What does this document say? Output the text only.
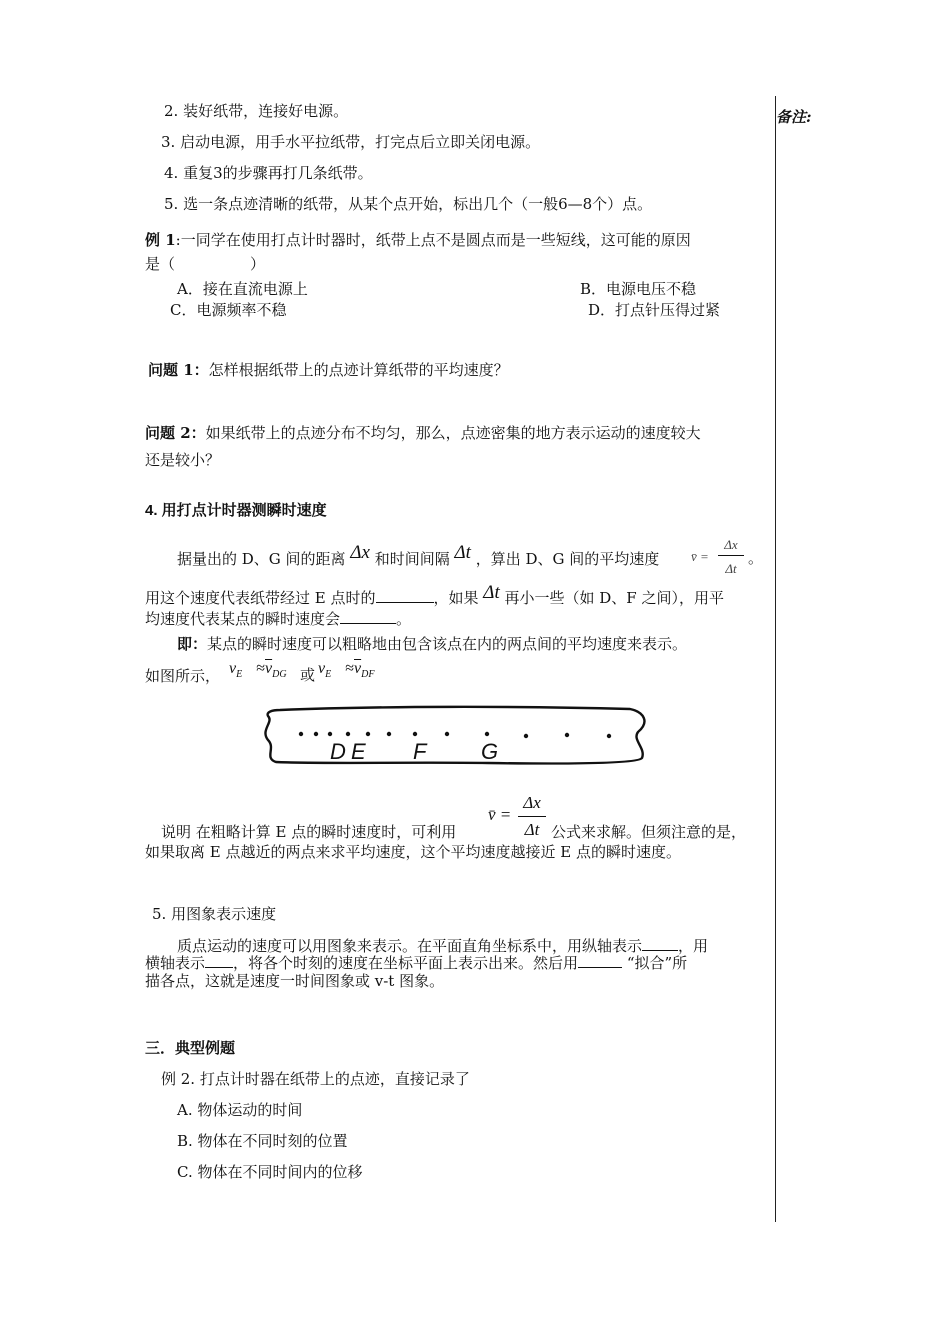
备注:
2. 装好纸带，连接好电源。
3. 启动电源，用手水平拉纸带，打完点后立即关闭电源。
4. 重复3的步骤再打几条纸带。
5. 选一条点迹清晰的纸带，从某个点开始，标出几个（一般6—8个）点。
例 1:一同学在使用打点计时器时，纸带上点不是圆点而是一些短线，这可能的原因
是（　　　　　）
A．接在直流电源上	B．电源电压不稳
C．电源频率不稳	D．打点针压得过紧
问题 1：怎样根据纸带上的点迹计算纸带的平均速度？
问题 2：如果纸带上的点迹分布不均匀，那么，点迹密集的地方表示运动的速度较大
还是较小？
4. 用打点计时器测瞬时速度
据量出的 D、G 间的距离 Δx 和时间间隔 Δt ，算出 D、G 间的平均速度 v̄ =
Δx
Δt
。
用这个速度代表纸带经过 E 点时的	，如果 Δt 再小一些（如 D、F 之间），用平
均速度代表某点的瞬时速度会	。
即：某点的瞬时速度可以粗略地由包含该点在内的两点间的平均速度来表示。
如图所示， $v_E \approx\overline{v}_{DG}$ 或 $v_E \approx\overline{v}_{DF}$
D E F G
v̄ =
Δx
Δt
说明 在粗略计算 E 点的瞬时速度时，可利用	公式来求解。但须注意的是，
如果取离 E 点越近的两点来求平均速度，这个平均速度越接近 E 点的瞬时速度。
5. 用图象表示速度
质点运动的速度可以用图象来表示。在平面直角坐标系中，用纵轴表示 ，用
横轴表示 ，将各个时刻的速度在坐标平面上表示出来。然后用	“拟合”所
描各点，这就是速度一时间图象或 v-t 图象。
三．典型例题
例 2. 打点计时器在纸带上的点迹，直接记录了
A. 物体运动的时间
B. 物体在不同时刻的位置
C. 物体在不同时间内的位移
